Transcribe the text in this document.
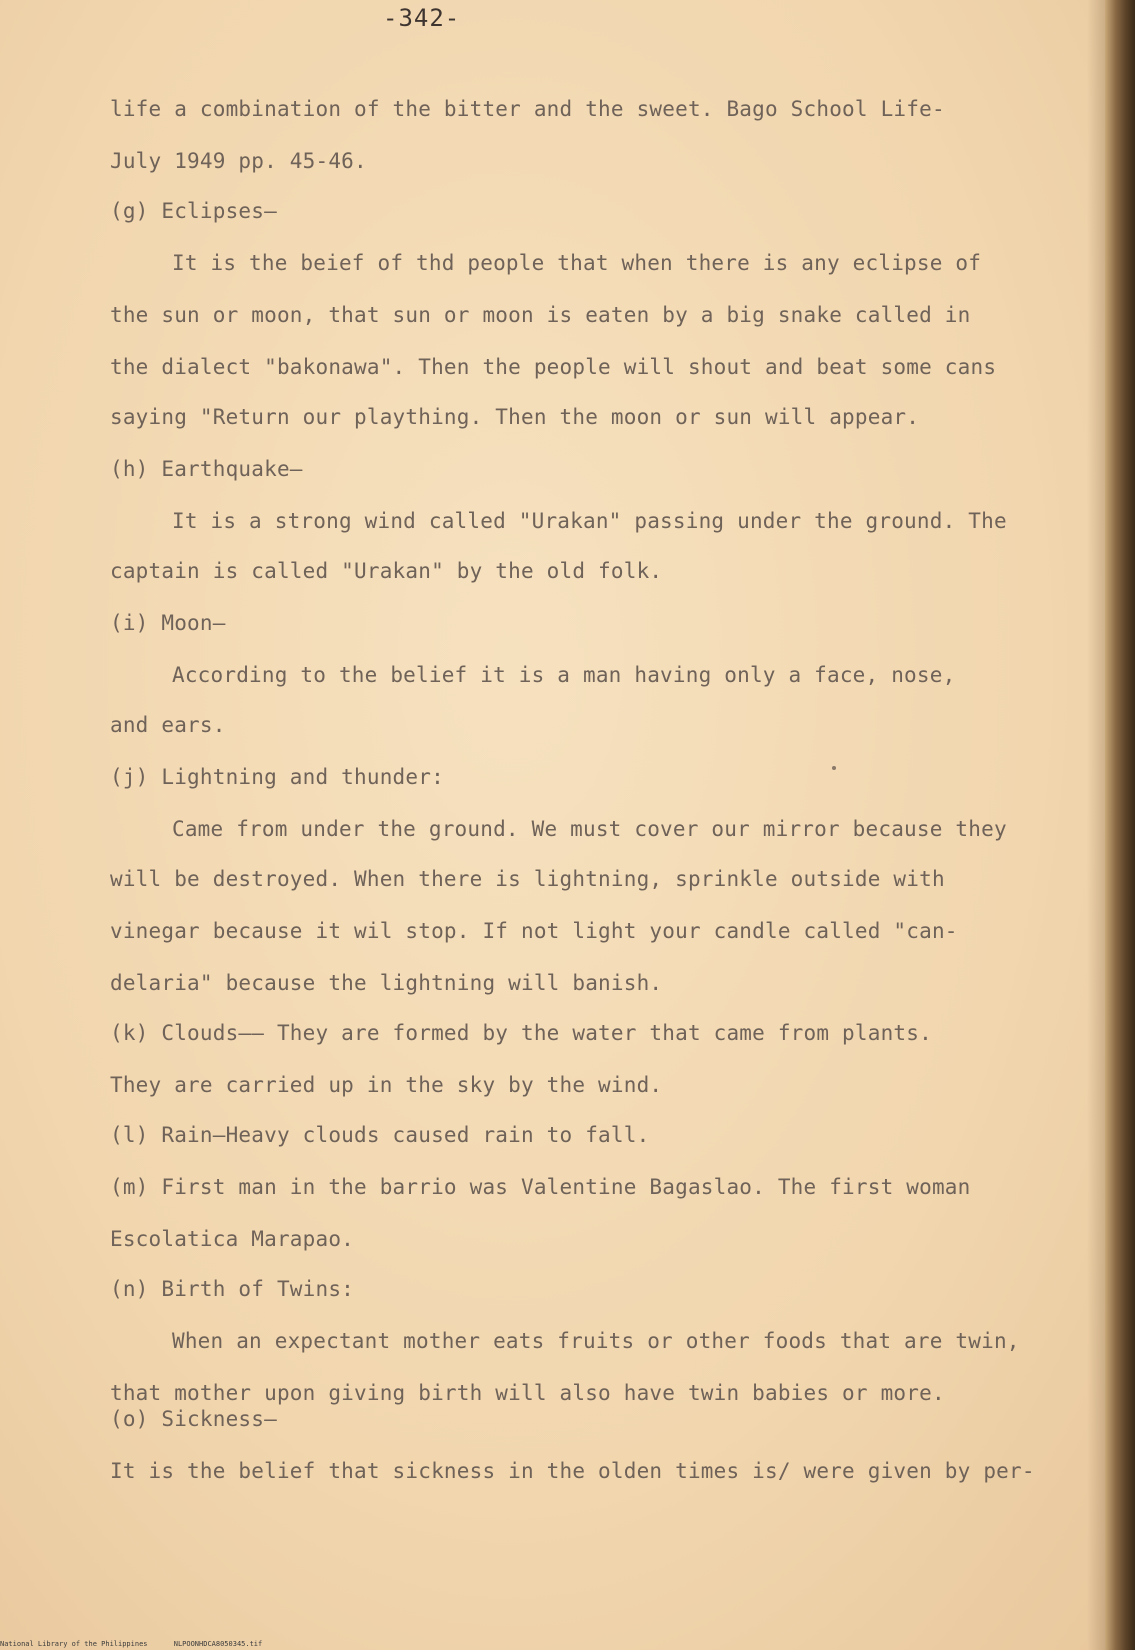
-342-
life a combination of the bitter and the sweet. Bago School Life-
July 1949 pp. 45-46.
(g) Eclipses—
It is the beief of thd people that when there is any eclipse of
the sun or moon, that sun or moon is eaten by a big snake called in
the dialect "bakonawa". Then the people will shout and beat some cans
saying "Return our plaything. Then the moon or sun will appear.
(h) Earthquake—
It is a strong wind called "Urakan" passing under the ground. The
captain is called "Urakan" by the old folk.
(i) Moon—
According to the belief it is a man having only a face, nose,
and ears.
(j) Lightning and thunder:
Came from under the ground. We must cover our mirror because they
will be destroyed. When there is lightning, sprinkle outside with
vinegar because it wil stop. If not light your candle called "can-
delaria" because the lightning will banish.
(k) Clouds—— They are formed by the water that came from plants.
They are carried up in the sky by the wind.
(l) Rain—Heavy clouds caused rain to fall.
(m) First man in the barrio was Valentine Bagaslao. The first woman
Escolatica Marapao.
(n) Birth of Twins:
When an expectant mother eats fruits or other foods that are twin,
that mother upon giving birth will also have twin babies or more.
(o) Sickness—
It is the belief that sickness in the olden times is/ were given by per-
National Library of the Philippines	NLPOONHDCA8050345.tif
